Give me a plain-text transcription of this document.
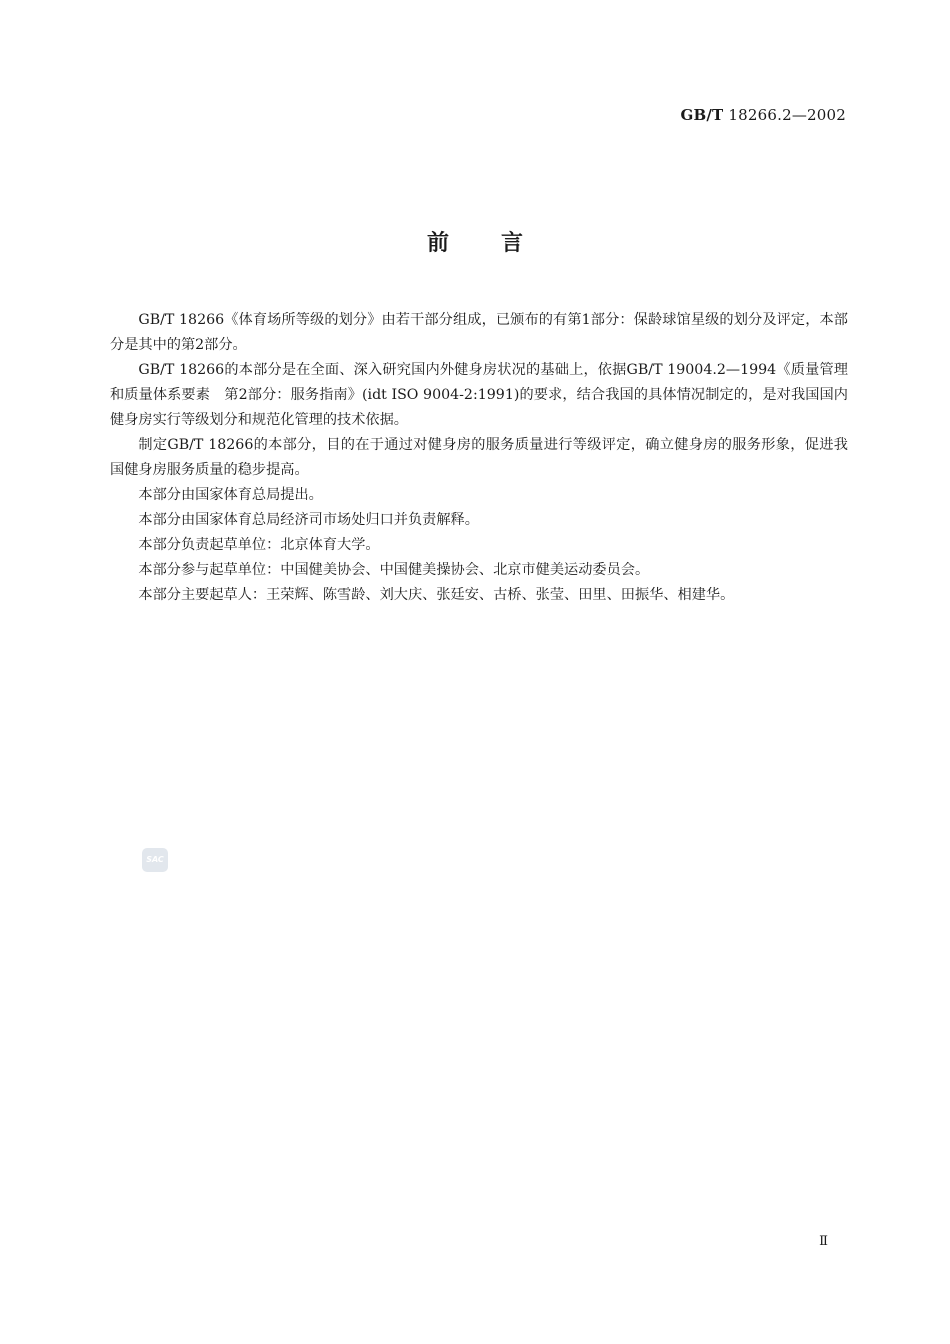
GB/T 18266.2—2002
前言

GB/T 18266《体育场所等级的划分》由若干部分组成，已颁布的有第1部分：保龄球馆星级的划分及评定，本部分是其中的第2部分。

GB/T 18266的本部分是在全面、深入研究国内外健身房状况的基础上，依据GB/T 19004.2—1994《质量管理和质量体系要素　第2部分：服务指南》(idt ISO 9004-2:1991)的要求，结合我国的具体情况制定的，是对我国国内健身房实行等级划分和规范化管理的技术依据。

制定GB/T 18266的本部分，目的在于通过对健身房的服务质量进行等级评定，确立健身房的服务形象，促进我国健身房服务质量的稳步提高。

本部分由国家体育总局提出。

本部分由国家体育总局经济司市场处归口并负责解释。

本部分负责起草单位：北京体育大学。

本部分参与起草单位：中国健美协会、中国健美操协会、北京市健美运动委员会。

本部分主要起草人：王荣辉、陈雪龄、刘大庆、张廷安、古桥、张莹、田里、田振华、相建华。

SAC
Ⅱ
